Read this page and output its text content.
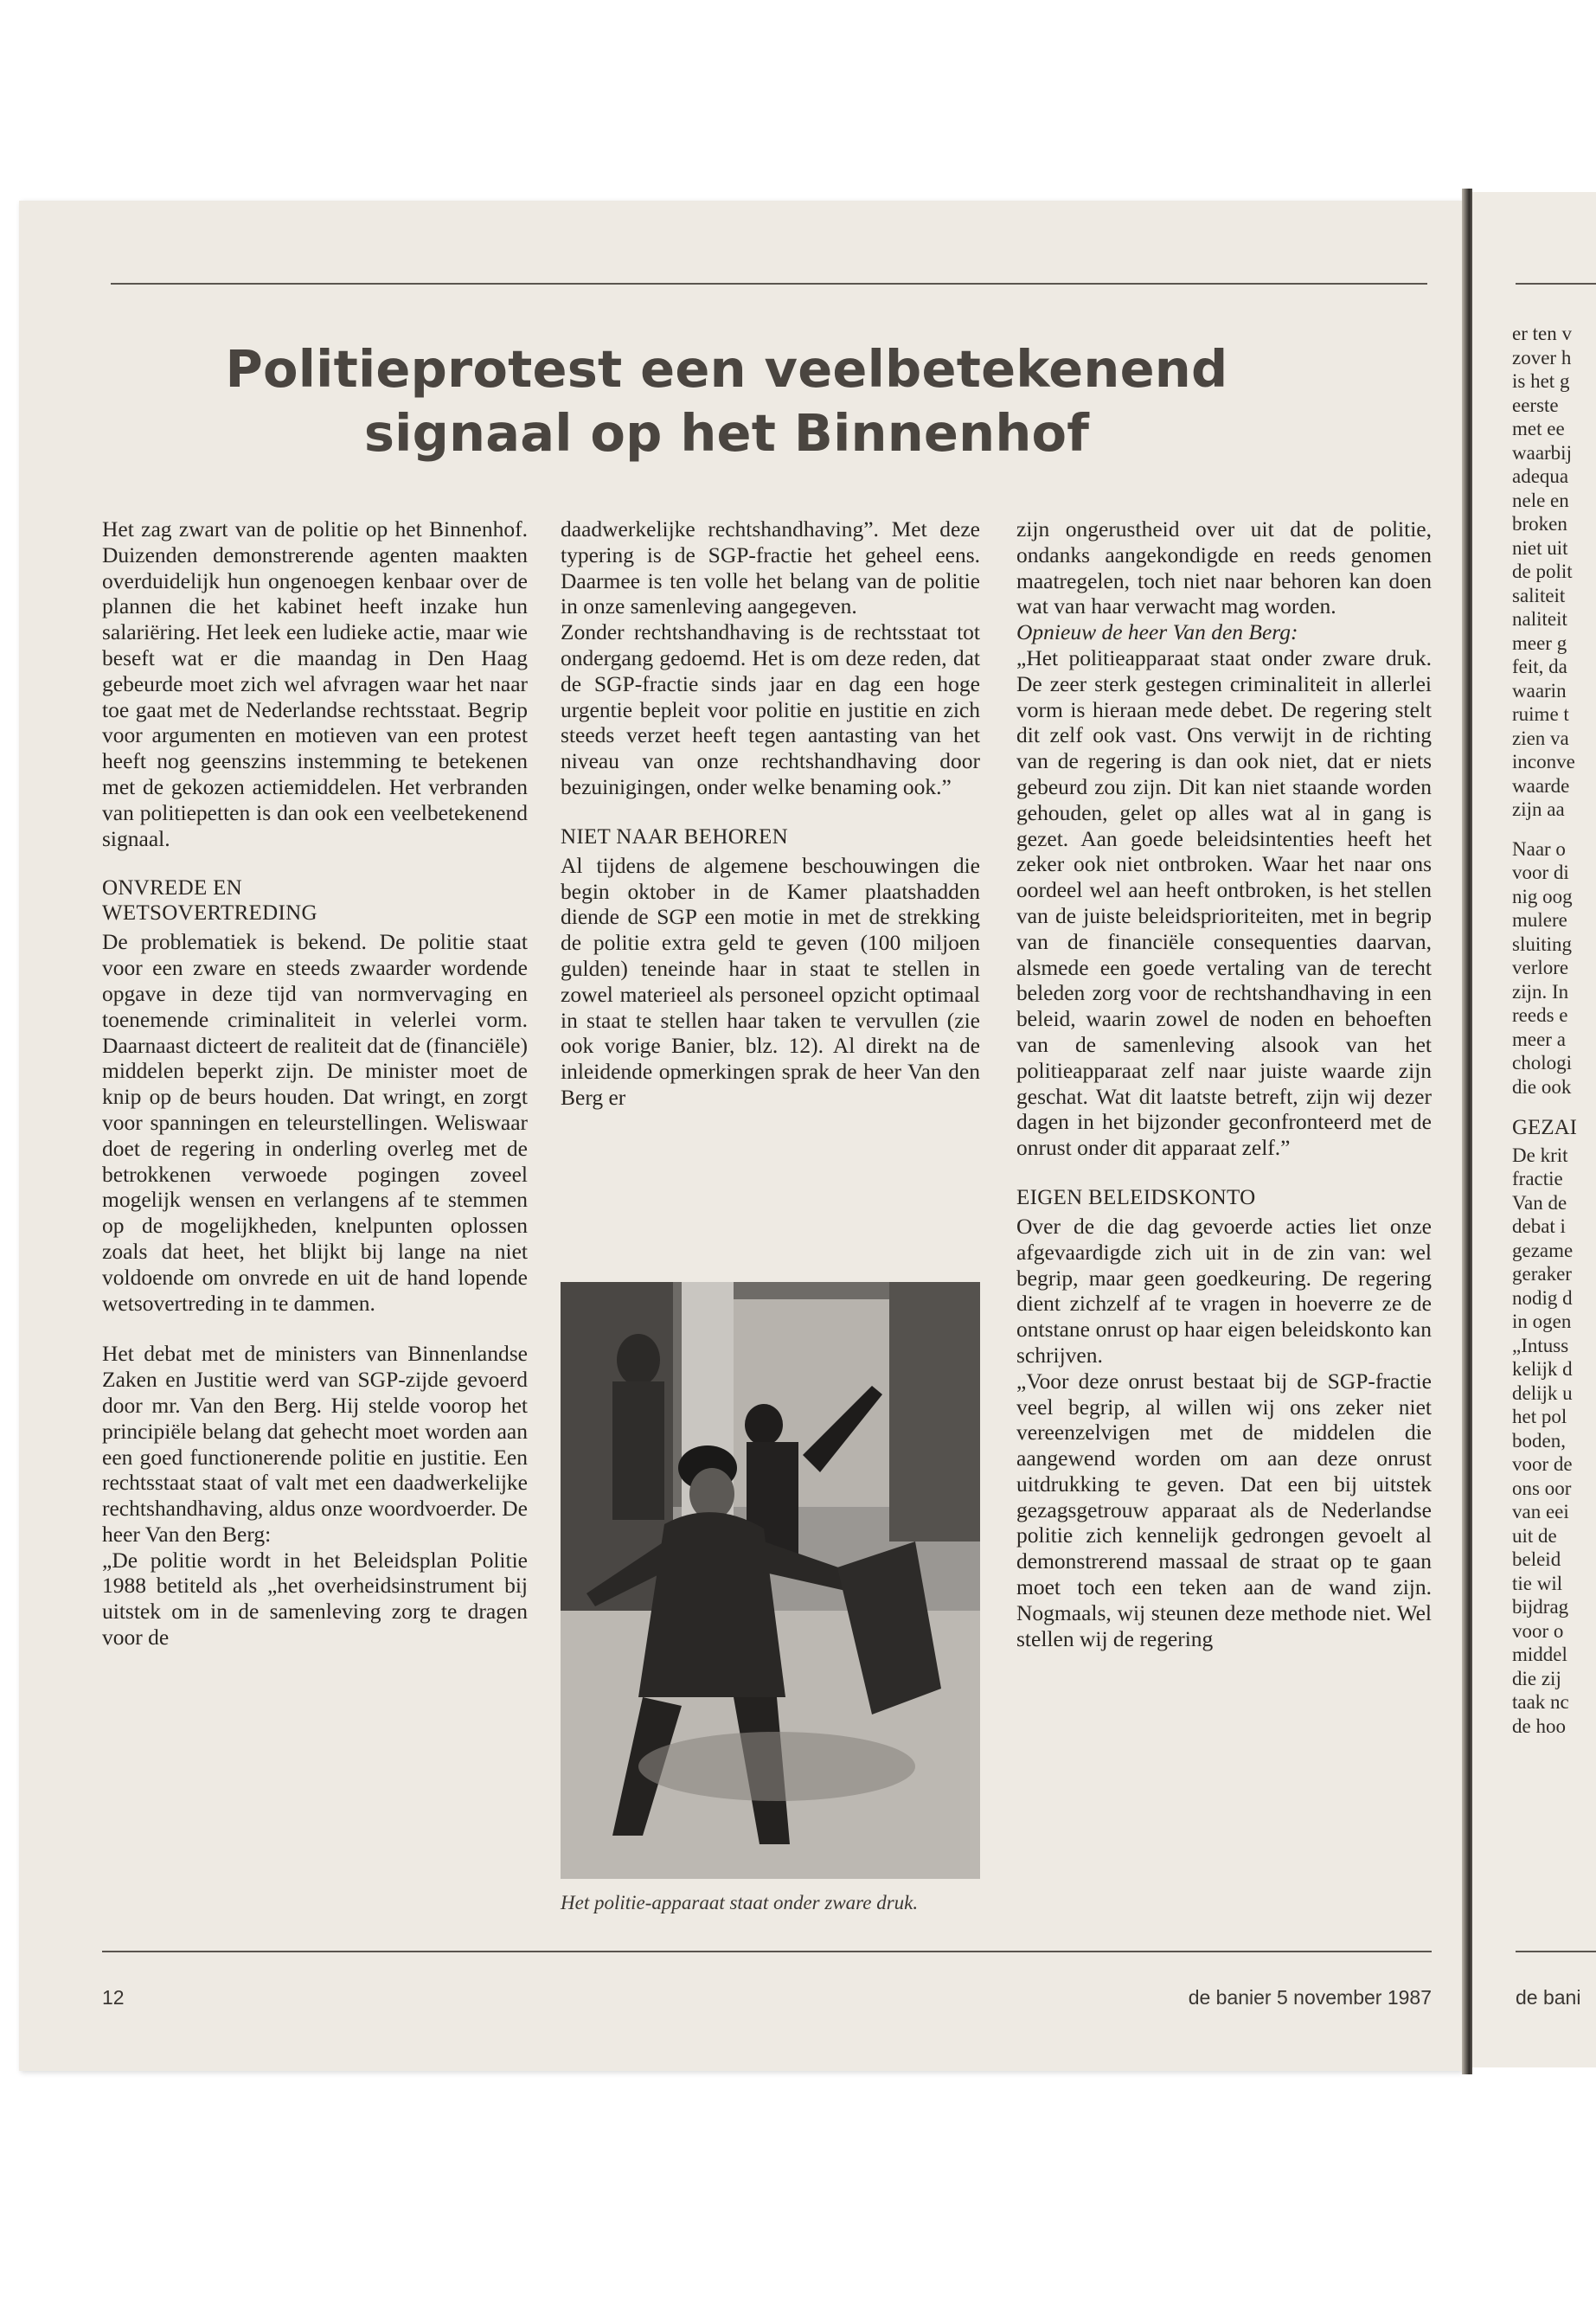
Politieprotest een veelbetekenend
signaal op het Binnenhof

Het zag zwart van de politie op het Binnenhof. Duizenden demonstrerende agenten maakten overduidelijk hun ongenoegen kenbaar over de plannen die het kabinet heeft inzake hun salariëring. Het leek een ludieke actie, maar wie beseft wat er die maandag in Den Haag gebeurde moet zich wel afvragen waar het naar toe gaat met de Nederlandse rechtsstaat. Begrip voor argumenten en motieven van een protest heeft nog geenszins instemming te betekenen met de gekozen actiemiddelen. Het verbranden van politiepetten is dan ook een veelbetekenend signaal.

ONVREDE EN WETSOVERTREDING

De problematiek is bekend. De politie staat voor een zware en steeds zwaarder wordende opgave in deze tijd van normvervaging en toenemende criminaliteit in velerlei vorm. Daarnaast dicteert de realiteit dat de (financiële) middelen beperkt zijn. De minister moet de knip op de beurs houden. Dat wringt, en zorgt voor spanningen en teleurstellingen. Weliswaar doet de regering in onderling overleg met de betrokkenen verwoede pogingen zoveel mogelijk wensen en verlangens af te stemmen op de mogelijkheden, knelpunten oplossen zoals dat heet, het blijkt bij lange na niet voldoende om onvrede en uit de hand lopende wetsovertreding in te dammen.

Het debat met de ministers van Binnenlandse Zaken en Justitie werd van SGP-zijde gevoerd door mr. Van den Berg. Hij stelde voorop het principiële belang dat gehecht moet worden aan een goed functionerende politie en justitie. Een rechtsstaat staat of valt met een daadwerkelijke rechtshandhaving, aldus onze woordvoerder. De heer Van den Berg:

„De politie wordt in het Beleidsplan Politie 1988 betiteld als „het overheidsinstrument bij uitstek om in de samenleving zorg te dragen voor de

daadwerkelijke rechtshandhaving”. Met deze typering is de SGP-fractie het geheel eens. Daarmee is ten volle het belang van de politie in onze samenleving aangegeven.

Zonder rechtshandhaving is de rechtsstaat tot ondergang gedoemd. Het is om deze reden, dat de SGP-fractie sinds jaar en dag een hoge urgentie bepleit voor politie en justitie en zich steeds verzet heeft tegen aantasting van het niveau van onze rechtshandhaving door bezuinigingen, onder welke benaming ook.”

NIET NAAR BEHOREN

Al tijdens de algemene beschouwingen die begin oktober in de Kamer plaatshadden diende de SGP een motie in met de strekking de politie extra geld te geven (100 miljoen gulden) teneinde haar in staat te stellen in zowel materieel als personeel opzicht optimaal in staat te stellen haar taken te vervullen (zie ook vorige Banier, blz. 12). Al direkt na de inleidende opmerkingen sprak de heer Van den Berg er

Het politie-apparaat staat onder zware druk.

zijn ongerustheid over uit dat de politie, ondanks aangekondigde en reeds genomen maatregelen, toch niet naar behoren kan doen wat van haar verwacht mag worden.

Opnieuw de heer Van den Berg:

„Het politieapparaat staat onder zware druk. De zeer sterk gestegen criminaliteit in allerlei vorm is hieraan mede debet. De regering stelt dit zelf ook vast. Ons verwijt in de richting van de regering is dan ook niet, dat er niets gebeurd zou zijn. Dit kan niet staande worden gehouden, gelet op alles wat al in gang is gezet. Aan goede beleidsintenties heeft het zeker ook niet ontbroken. Waar het naar ons oordeel wel aan heeft ontbroken, is het stellen van de juiste beleidsprioriteiten, met in begrip van de financiële consequenties daarvan, alsmede een goede vertaling van de terecht beleden zorg voor de rechtshandhaving in een beleid, waarin zowel de noden en behoeften van de samenleving alsook van het politieapparaat zelf naar juiste waarde zijn geschat. Wat dit laatste betreft, zijn wij dezer dagen in het bijzonder geconfronteerd met de onrust onder dit apparaat zelf.”

EIGEN BELEIDSKONTO

Over de die dag gevoerde acties liet onze afgevaardigde zich uit in de zin van: wel begrip, maar geen goedkeuring. De regering dient zichzelf af te vragen in hoeverre ze de ontstane onrust op haar eigen beleidskonto kan schrijven.

„Voor deze onrust bestaat bij de SGP-fractie veel begrip, al willen wij ons zeker niet vereenzelvigen met de middelen die aangewend worden om aan deze onrust uitdrukking te geven. Dat een bij uitstek gezagsgetrouw apparaat als de Nederlandse politie zich kennelijk gedrongen gevoelt al demonstrerend massaal de straat op te gaan moet toch een teken aan de wand zijn. Nogmaals, wij steunen deze methode niet. Wel stellen wij de regering

12	de banier 5 november 1987

er ten v

zover h

is het g

eerste

met ee

waarbij

adequa

nele en

broken

niet uit

de polit

saliteit

naliteit

meer g

feit, da

waarin

ruime t

zien va

inconve

waarde

zijn aa

Naar o

voor di

nig oog

mulere

sluiting

verlore

zijn. In

reeds e

meer a

chologi

die ook

GEZAI

De krit

fractie

Van de

debat i

gezame

geraker

nodig d

in ogen

„Intuss

kelijk d

delijk u

het pol

boden,

voor de

ons oor

van eei

uit de

beleid

tie wil

bijdrag

voor o

middel

die zij

taak nc

de hoo

de bani
